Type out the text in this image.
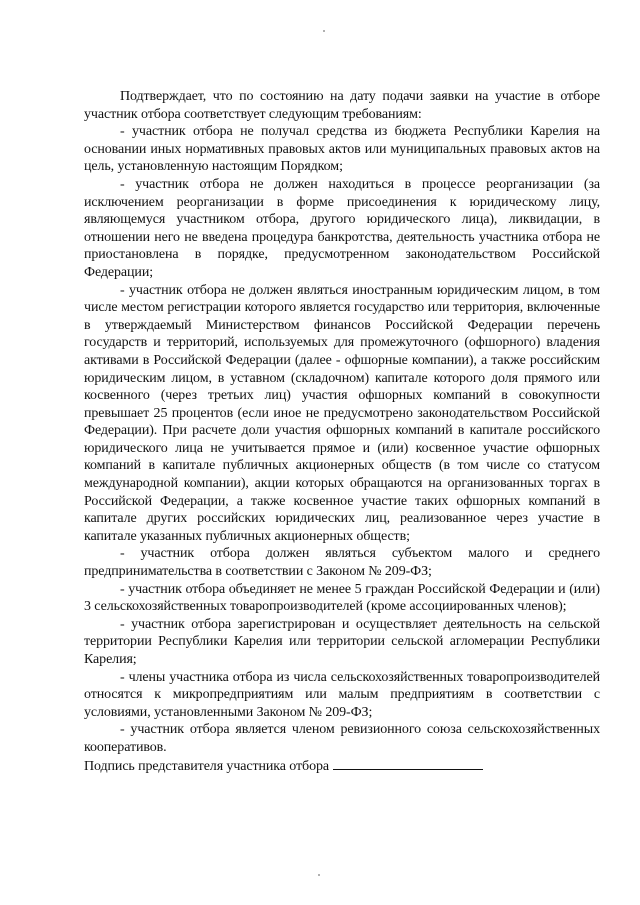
Подтверждает, что по состоянию на дату подачи заявки на участие в отборе участник отбора соответствует следующим требованиям:

- участник отбора не получал средства из бюджета Республики Карелия на основании иных нормативных правовых актов или муниципальных правовых актов на цель, установленную настоящим Порядком;

- участник отбора не должен находиться в процессе реорганизации (за исключением реорганизации в форме присоединения к юридическому лицу, являющемуся участником отбора, другого юридического лица), ликвидации, в отношении него не введена процедура банкротства, деятельность участника отбора не приостановлена в порядке, предусмотренном законодательством Российской Федерации;

- участник отбора не должен являться иностранным юридическим лицом, в том числе местом регистрации которого является государство или территория, включенные в утверждаемый Министерством финансов Российской Федерации перечень государств и территорий, используемых для промежуточного (офшорного) владения активами в Российской Федерации (далее - офшорные компании), а также российским юридическим лицом, в уставном (складочном) капитале которого доля прямого или косвенного (через третьих лиц) участия офшорных компаний в совокупности превышает 25 процентов (если иное не предусмотрено законодательством Российской Федерации). При расчете доли участия офшорных компаний в капитале российского юридического лица не учитывается прямое и (или) косвенное участие офшорных компаний в капитале публичных акционерных обществ (в том числе со статусом международной компании), акции которых обращаются на организованных торгах в Российской Федерации, а также косвенное участие таких офшорных компаний в капитале других российских юридических лиц, реализованное через участие в капитале указанных публичных акционерных обществ;

- участник отбора должен являться субъектом малого и среднего предпринимательства в соответствии с Законом № 209-ФЗ;

- участник отбора объединяет не менее 5 граждан Российской Федерации и (или) 3 сельскохозяйственных товаропроизводителей (кроме ассоциированных членов);

- участник отбора зарегистрирован и осуществляет деятельность на сельской территории Республики Карелия или территории сельской агломерации Республики Карелия;

- члены участника отбора из числа сельскохозяйственных товаропроизводителей относятся к микропредприятиям или малым предприятиям в соответствии с условиями, установленными Законом № 209-ФЗ;

- участник отбора является членом ревизионного союза сельскохозяйственных кооперативов.

Подпись представителя участника отбора
